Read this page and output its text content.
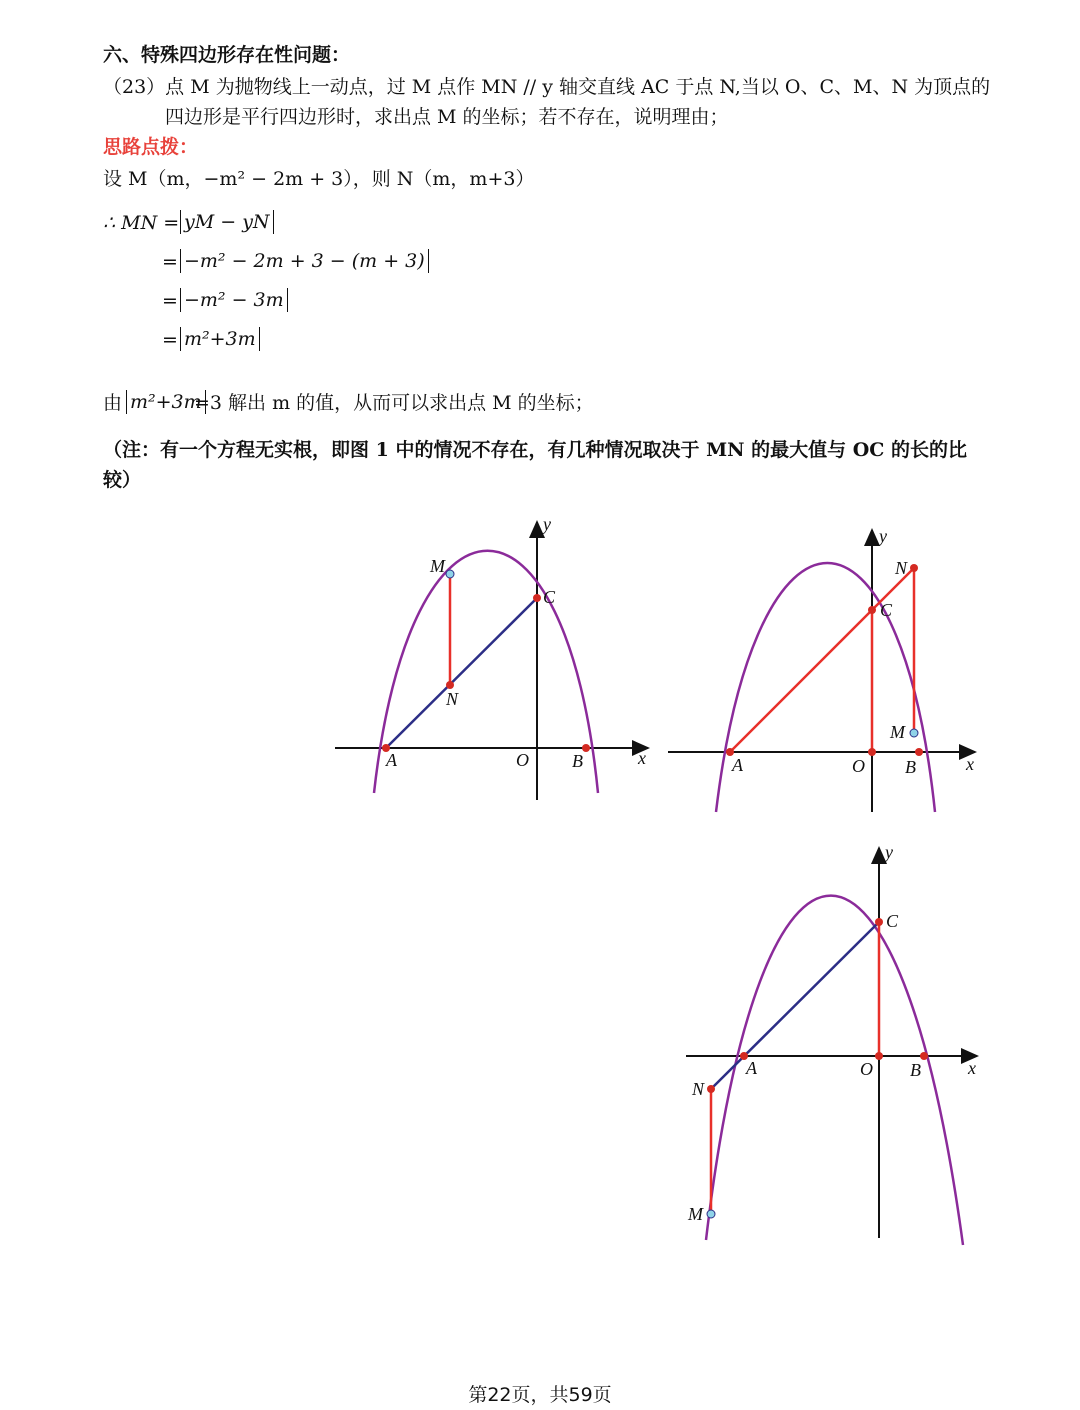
六、特殊四边形存在性问题：
（23）点 M 为抛物线上一动点，过 M 点作 MN // y 轴交直线 AC 于点 N,当以 O、C、M、N 为顶点的
四边形是平行四边形时，求出点 M 的坐标；若不存在，说明理由；
思路点拨：
设 M（m，−m² − 2m + 3），则 N（m，m+3）
∴ MN = yM − yN
= −m² − 2m + 3 − (m + 3)
= −m² − 3m
= m²+3m
由 m²+3m
=3 解出 m 的值，从而可以求出点 M 的坐标；
（注：有一个方程无实根，即图 1 中的情况不存在，有几种情况取决于 MN 的最大值与 OC 的长的比
较）
y
x
O
A	B
C
M
N
y
x
O
A	B
C
M
N
y
x
O
A	B
C
M
N
第22页，共59页
